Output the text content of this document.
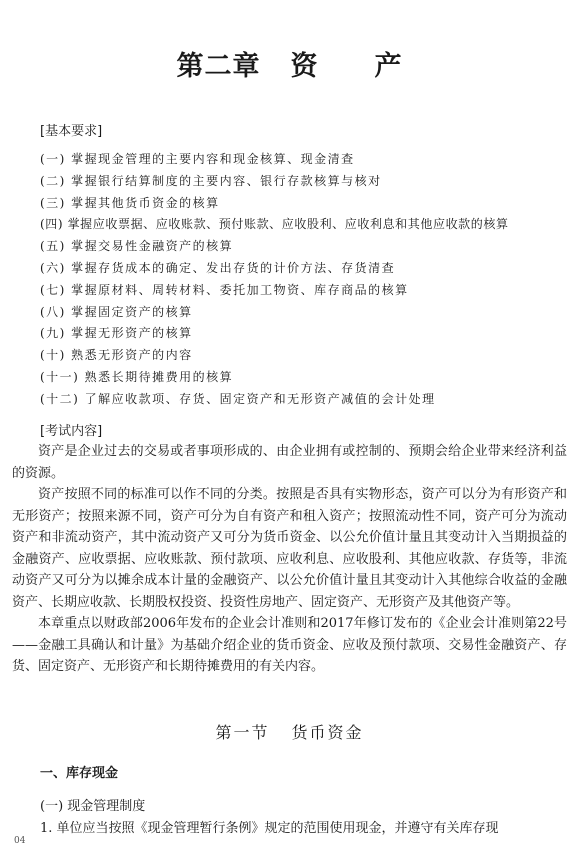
第二章 资 产
[基本要求]
(一) 掌握现金管理的主要内容和现金核算、现金清查
(二) 掌握银行结算制度的主要内容、银行存款核算与核对
(三) 掌握其他货币资金的核算
(四) 掌握应收票据、应收账款、预付账款、应收股利、应收利息和其他应收款的核算
(五) 掌握交易性金融资产的核算
(六) 掌握存货成本的确定、发出存货的计价方法、存货清查
(七) 掌握原材料、周转材料、委托加工物资、库存商品的核算
(八) 掌握固定资产的核算
(九) 掌握无形资产的核算
(十) 熟悉无形资产的内容
(十一) 熟悉长期待摊费用的核算
(十二) 了解应收款项、存货、固定资产和无形资产减值的会计处理
[考试内容]

资产是企业过去的交易或者事项形成的、由企业拥有或控制的、预期会给企业带来经济利益的资源。

资产按照不同的标准可以作不同的分类。按照是否具有实物形态，资产可以分为有形资产和无形资产；按照来源不同，资产可分为自有资产和租入资产；按照流动性不同，资产可分为流动资产和非流动资产，其中流动资产又可分为货币资金、以公允价值计量且其变动计入当期损益的金融资产、应收票据、应收账款、预付款项、应收利息、应收股利、其他应收款、存货等，非流动资产又可分为以摊余成本计量的金融资产、以公允价值计量且其变动计入其他综合收益的金融资产、长期应收款、长期股权投资、投资性房地产、固定资产、无形资产及其他资产等。

本章重点以财政部2006年发布的企业会计准则和2017年修订发布的《企业会计准则第22号——金融工具确认和计量》为基础介绍企业的货币资金、应收及预付款项、交易性金融资产、存货、固定资产、无形资产和长期待摊费用的有关内容。

第一节 货币资金
一、库存现金
(一) 现金管理制度
1. 单位应当按照《现金管理暂行条例》规定的范围使用现金，并遵守有关库存现
04
